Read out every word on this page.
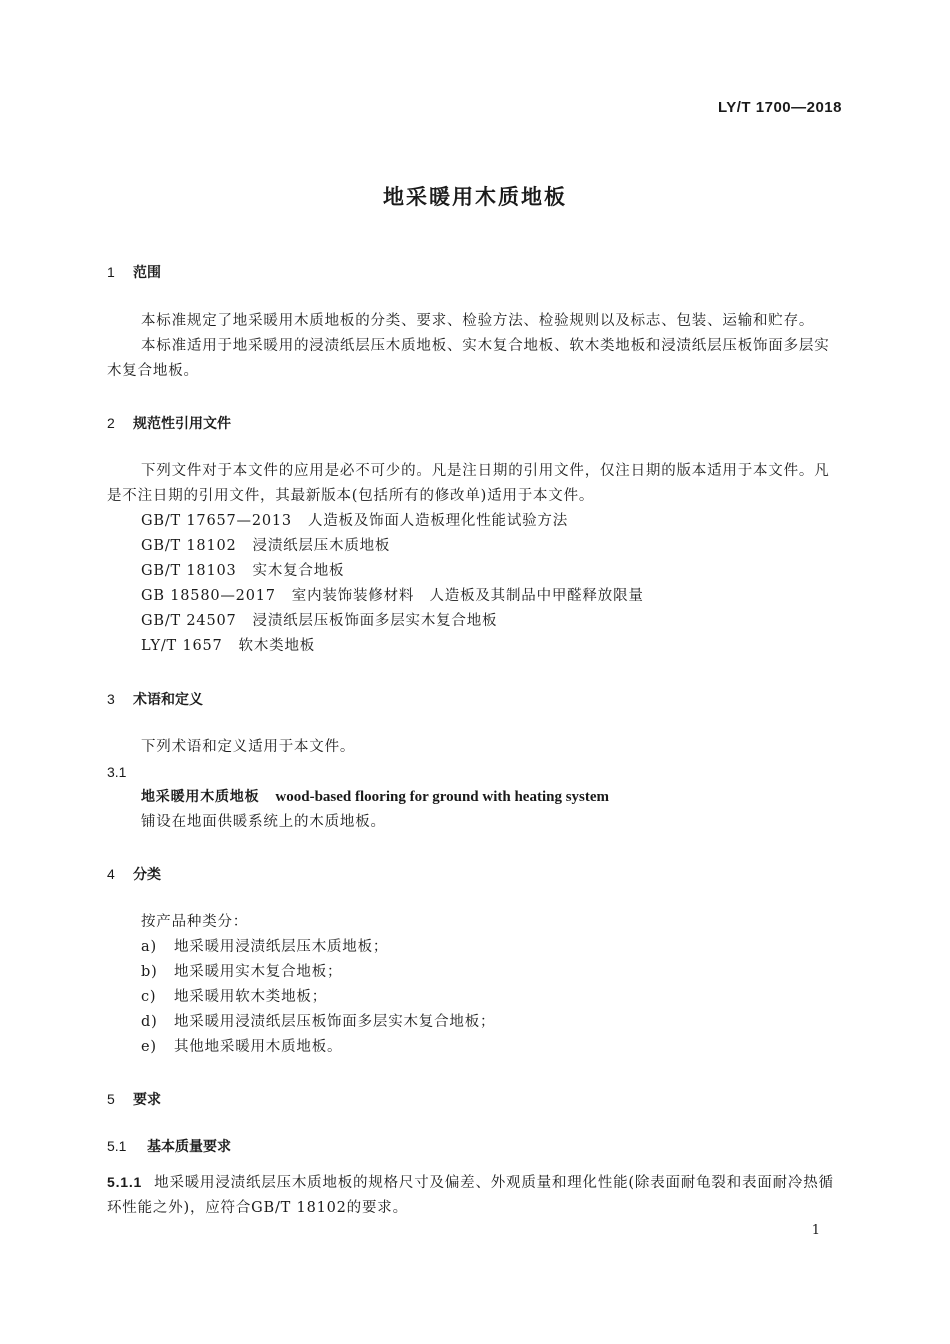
LY/T 1700—2018
地采暖用木质地板
1 范围
本标准规定了地采暖用木质地板的分类、要求、检验方法、检验规则以及标志、包装、运输和贮存。
本标准适用于地采暖用的浸渍纸层压木质地板、实木复合地板、软木类地板和浸渍纸层压板饰面多层实木复合地板。
2 规范性引用文件
下列文件对于本文件的应用是必不可少的。凡是注日期的引用文件，仅注日期的版本适用于本文件。凡是不注日期的引用文件，其最新版本(包括所有的修改单)适用于本文件。
GB/T 17657—2013 人造板及饰面人造板理化性能试验方法
GB/T 18102 浸渍纸层压木质地板
GB/T 18103 实木复合地板
GB 18580—2017 室内装饰装修材料　人造板及其制品中甲醛释放限量
GB/T 24507 浸渍纸层压板饰面多层实木复合地板
LY/T 1657 软木类地板
3 术语和定义
下列术语和定义适用于本文件。
3.1
地采暖用木质地板 wood-based flooring for ground with heating system
铺设在地面供暖系统上的木质地板。
4 分类
按产品种类分：
a) 地采暖用浸渍纸层压木质地板；
b) 地采暖用实木复合地板；
c) 地采暖用软木类地板；
d) 地采暖用浸渍纸层压板饰面多层实木复合地板；
e) 其他地采暖用木质地板。
5 要求
5.1 基本质量要求
5.1.1 地采暖用浸渍纸层压木质地板的规格尺寸及偏差、外观质量和理化性能(除表面耐龟裂和表面耐冷热循环性能之外)，应符合GB/T 18102的要求。
1
